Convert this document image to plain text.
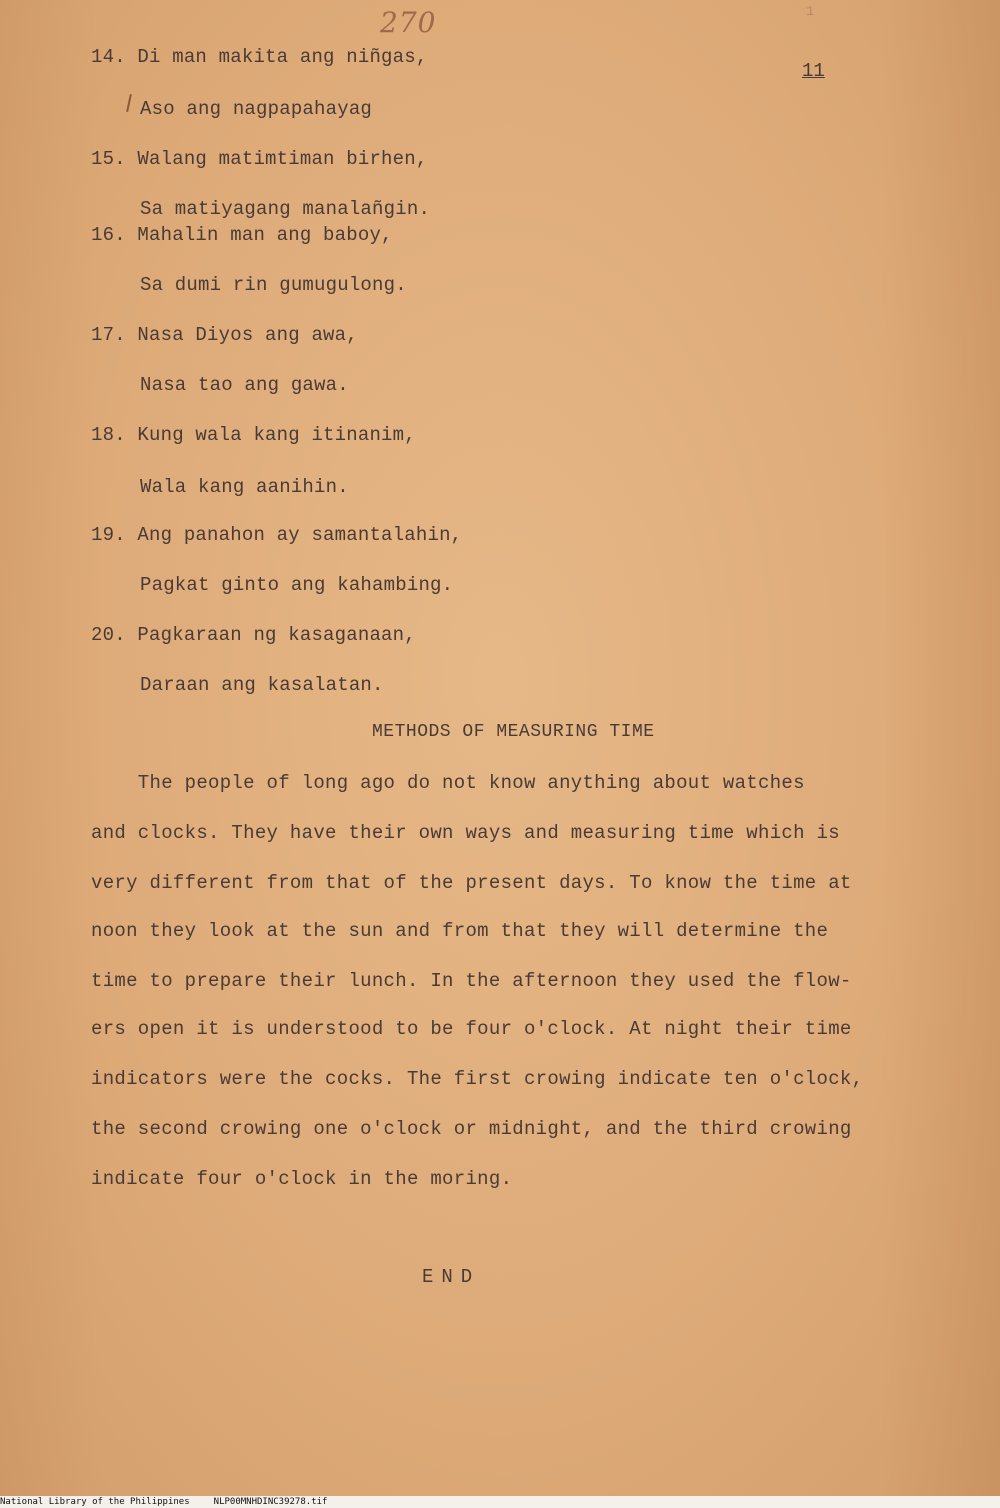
270	1
11
14. Di man makita ang niñgas,
Aso ang nagpapahayag
15. Walang matimtiman birhen,
Sa matiyagang manalañgin.
16. Mahalin man ang baboy,
Sa dumi rin gumugulong.
17. Nasa Diyos ang awa,
Nasa tao ang gawa.
18. Kung wala kang itinanim,
Wala kang aanihin.
19. Ang panahon ay samantalahin,
Pagkat ginto ang kahambing.
20. Pagkaraan ng kasaganaan,
Daraan ang kasalatan.
METHODS OF MEASURING TIME
The people of long ago do not know anything about watches
and clocks. They have their own ways and measuring time which is
very different from that of the present days. To know the time at
noon they look at the sun and from that they will determine the
time to prepare their lunch. In the afternoon they used the flow-
ers open it is understood to be four o'clock. At night their time
indicators were the cocks. The first crowing indicate ten o'clock,
the second crowing one o'clock or midnight, and the third crowing
indicate four o'clock in the moring.
END
National Library of the Philippines	NLP00MNHDINC39278.tif
